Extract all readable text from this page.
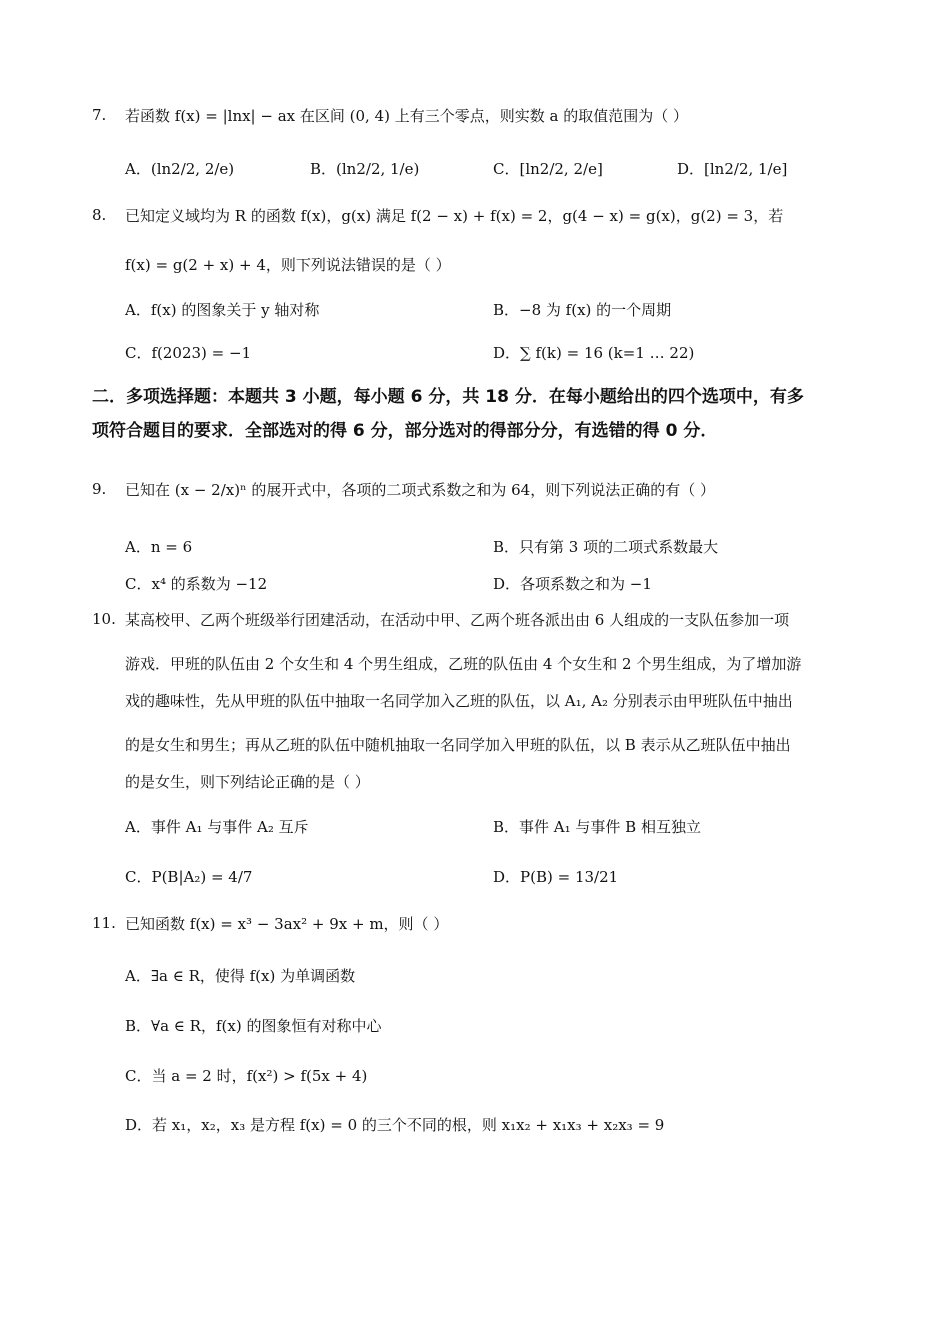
7. 若函数 f(x) = |lnx| − ax 在区间 (0, 4) 上有三个零点，则实数 a 的取值范围为（ ）
A．(ln2/2, 2/e)	B．(ln2/2, 1/e)	C．[ln2/2, 2/e]	D．[ln2/2, 1/e]
8. 已知定义域均为 R 的函数 f(x)，g(x) 满足 f(2 − x) + f(x) = 2，g(4 − x) = g(x)，g(2) = 3，若
f(x) = g(2 + x) + 4，则下列说法错误的是（ ）
A．f(x) 的图象关于 y 轴对称	B．−8 为 f(x) 的一个周期
C．f(2023) = −1	D．∑ f(k) = 16 (k=1 … 22)
二．多项选择题：本题共 3 小题，每小题 6 分，共 18 分．在每小题给出的四个选项中，有多
项符合题目的要求．全部选对的得 6 分，部分选对的得部分分，有选错的得 0 分．
9. 已知在 (x − 2/x)ⁿ 的展开式中，各项的二项式系数之和为 64，则下列说法正确的有（ ）
A．n = 6	B．只有第 3 项的二项式系数最大
C．x⁴ 的系数为 −12	D．各项系数之和为 −1
10. 某高校甲、乙两个班级举行团建活动，在活动中甲、乙两个班各派出由 6 人组成的一支队伍参加一项
游戏．甲班的队伍由 2 个女生和 4 个男生组成，乙班的队伍由 4 个女生和 2 个男生组成，为了增加游
戏的趣味性，先从甲班的队伍中抽取一名同学加入乙班的队伍，以 A₁, A₂ 分别表示由甲班队伍中抽出
的是女生和男生；再从乙班的队伍中随机抽取一名同学加入甲班的队伍，以 B 表示从乙班队伍中抽出
的是女生，则下列结论正确的是（ ）
A．事件 A₁ 与事件 A₂ 互斥	B．事件 A₁ 与事件 B 相互独立
C．P(B|A₂) = 4/7	D．P(B) = 13/21
11. 已知函数 f(x) = x³ − 3ax² + 9x + m，则（ ）
A．∃a ∈ R，使得 f(x) 为单调函数
B．∀a ∈ R，f(x) 的图象恒有对称中心
C．当 a = 2 时，f(x²) > f(5x + 4)
D．若 x₁，x₂，x₃ 是方程 f(x) = 0 的三个不同的根，则 x₁x₂ + x₁x₃ + x₂x₃ = 9
